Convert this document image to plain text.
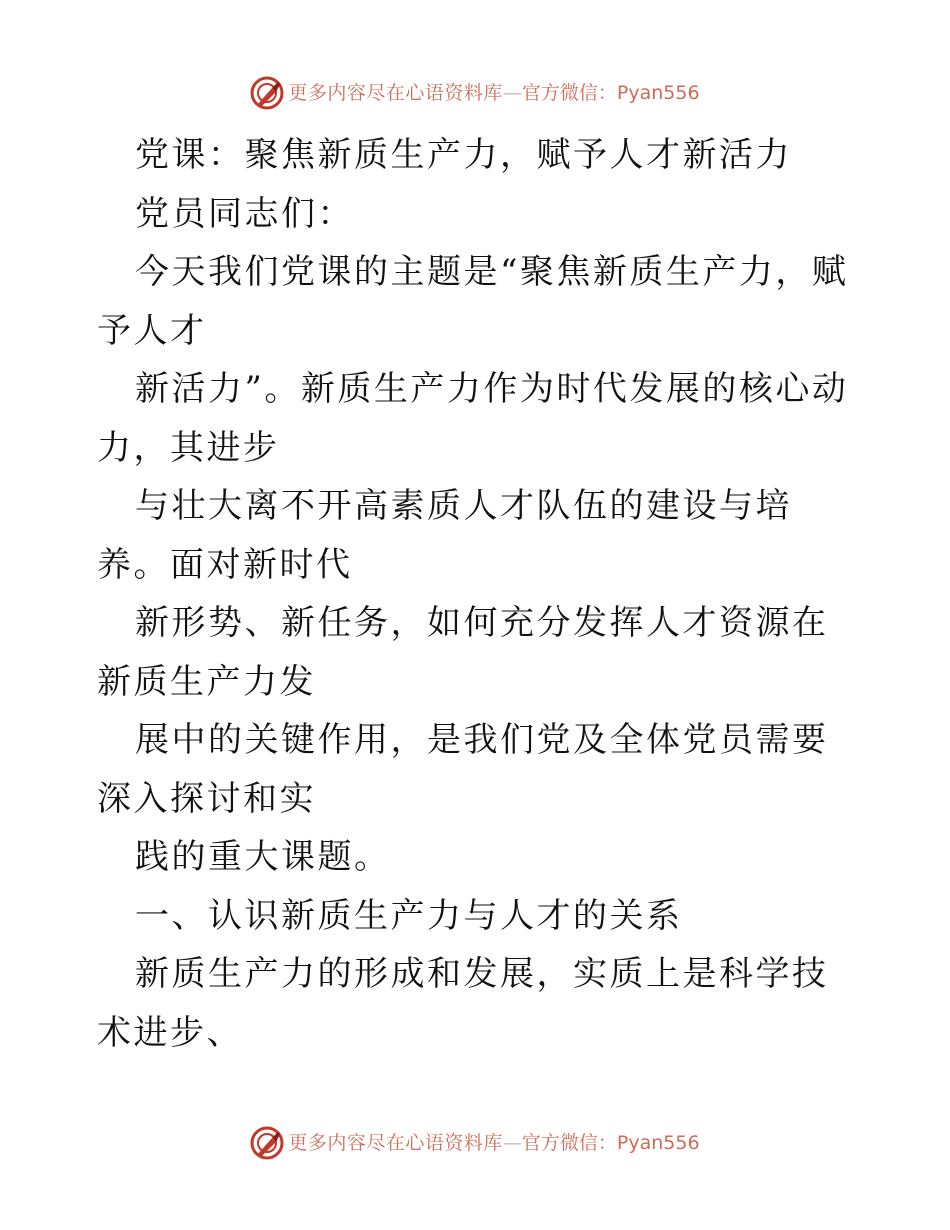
更多内容尽在心语资料库 — 官方微信：Pyan556

党课：聚焦新质生产力，赋予人才新活力

党员同志们：

今天我们党课的主题是“聚焦新质生产力，赋予人才

新活力”。新质生产力作为时代发展的核心动力，其进步

与壮大离不开高素质人才队伍的建设与培养。面对新时代

新形势、新任务，如何充分发挥人才资源在新质生产力发

展中的关键作用，是我们党及全体党员需要深入探讨和实

践的重大课题。

一、认识新质生产力与人才的关系

新质生产力的形成和发展，实质上是科学技术进步、

更多内容尽在心语资料库 — 官方微信：Pyan556
